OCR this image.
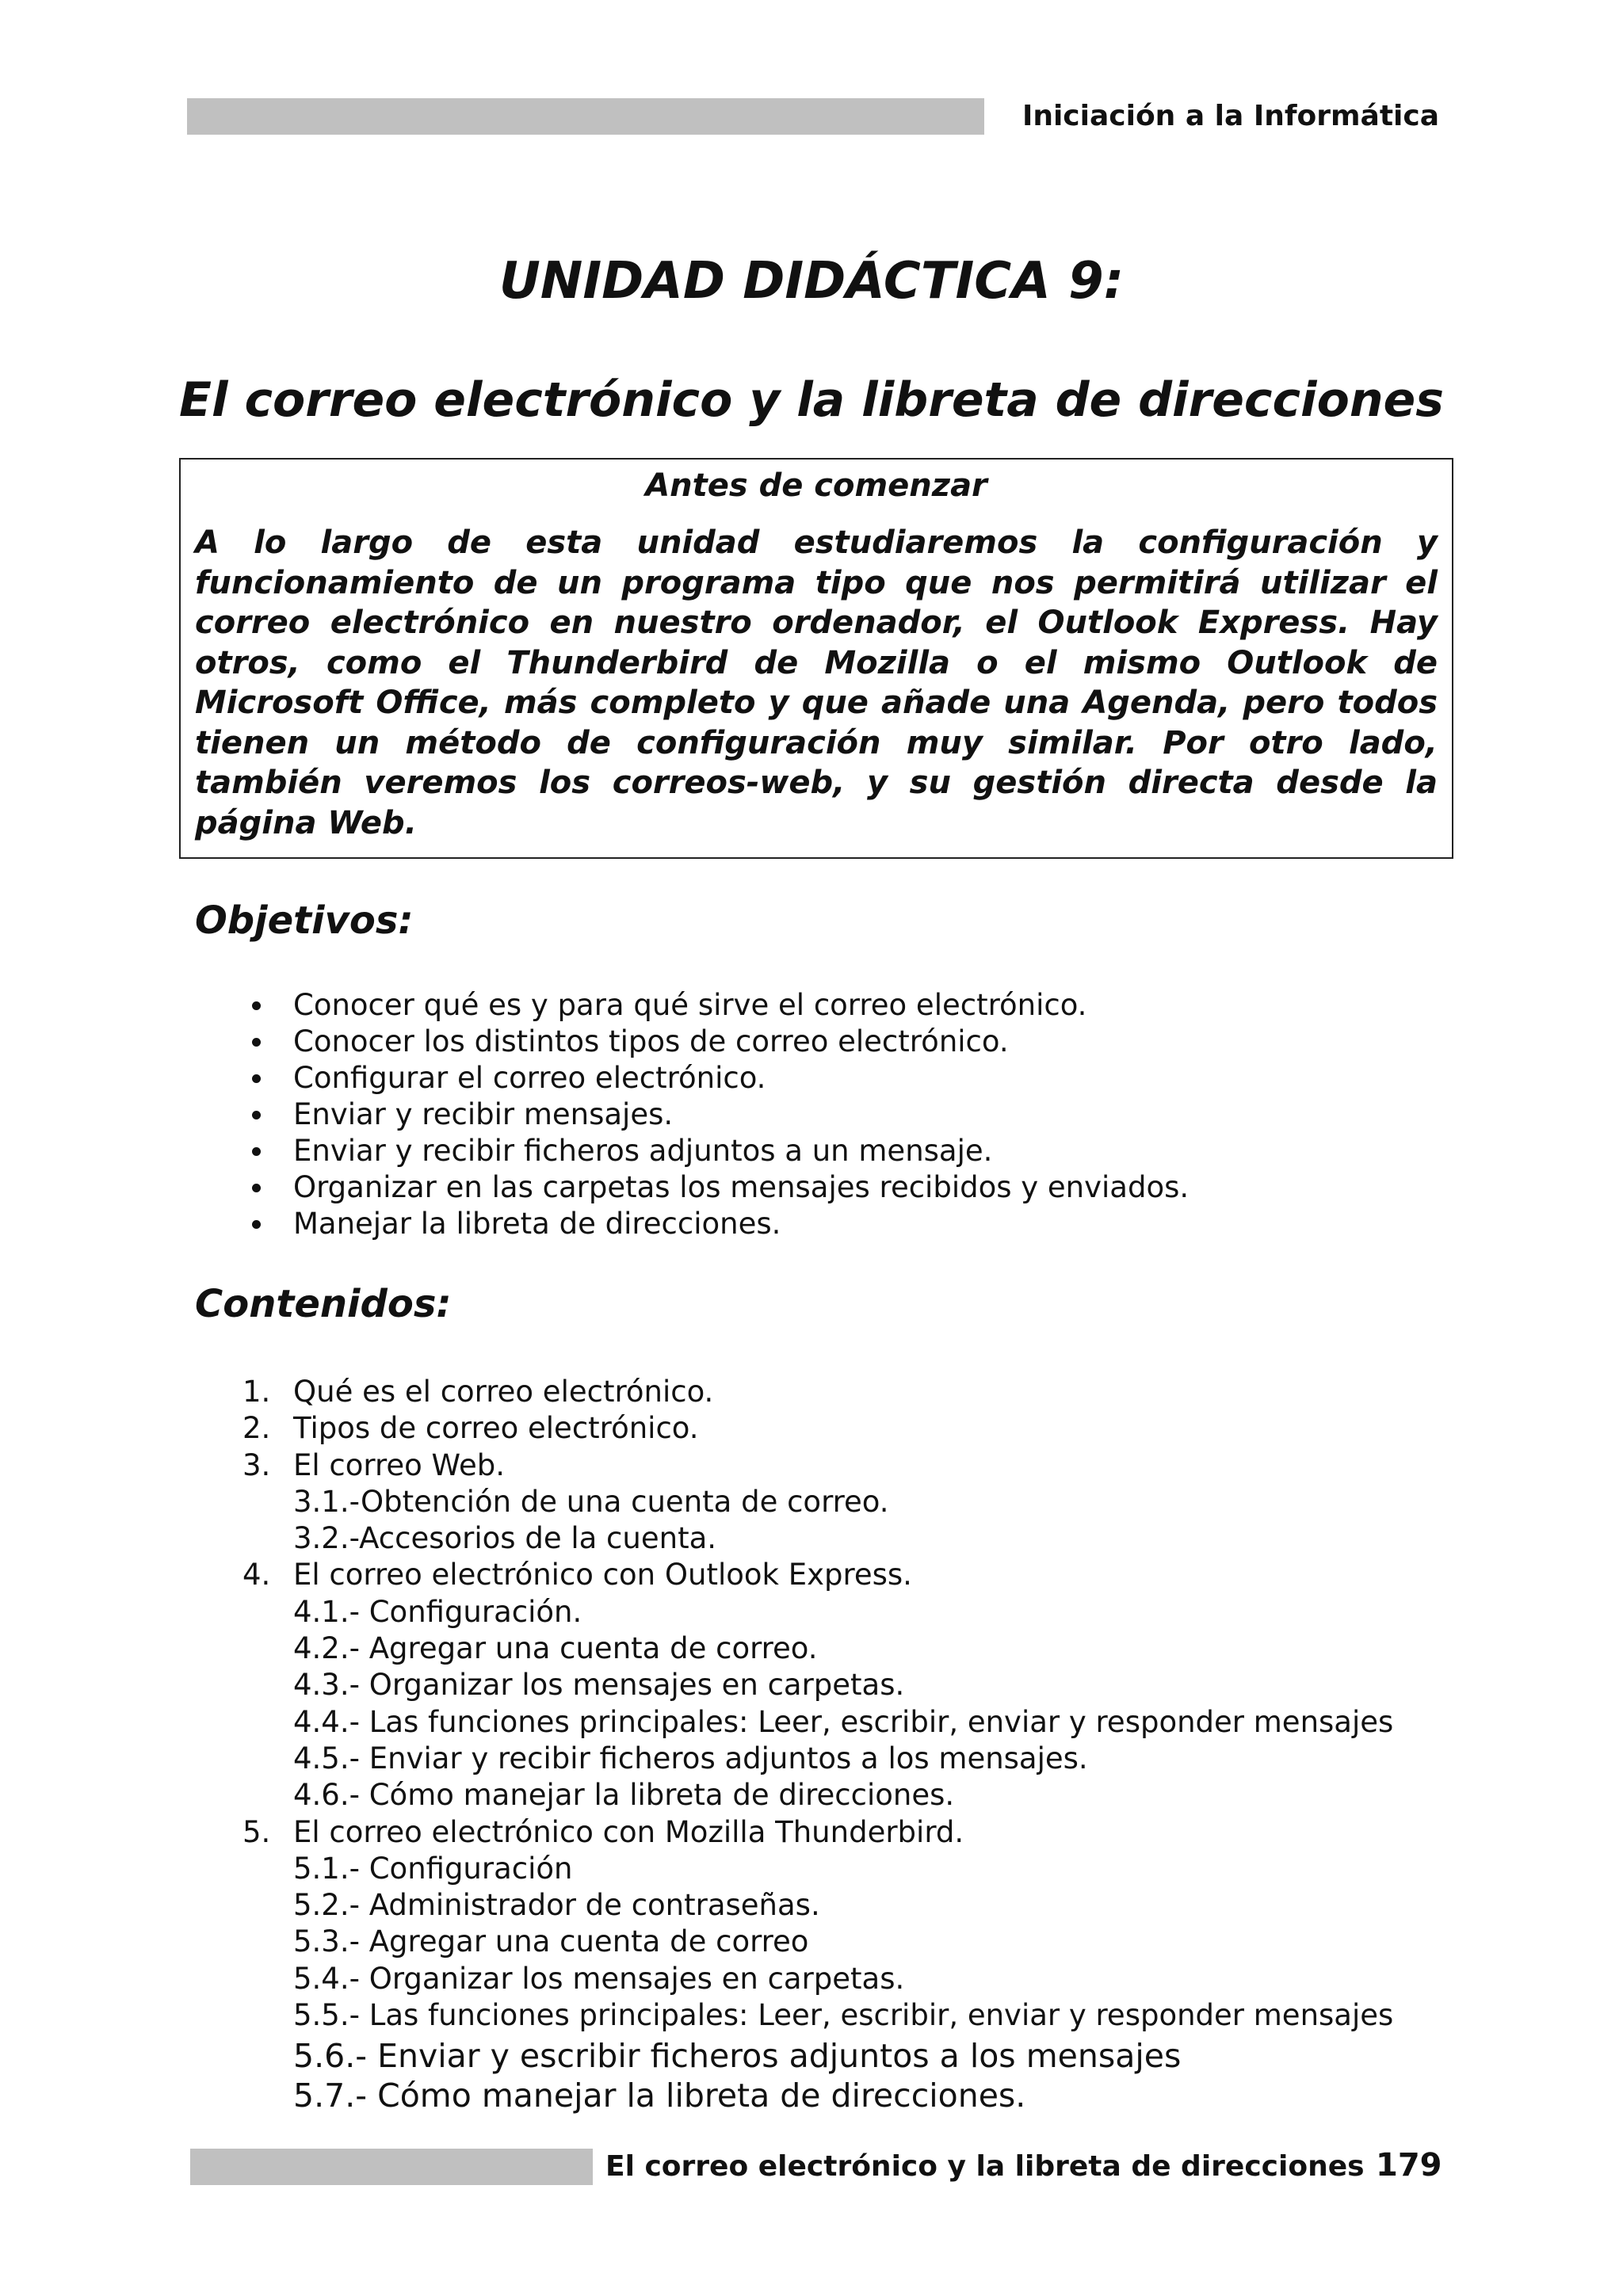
Iniciación a la Informática
UNIDAD DIDÁCTICA 9:
El correo electrónico y la libreta de direcciones
Antes de comenzar
A lo largo de esta unidad estudiaremos la configuración y funcionamiento de un programa tipo que nos permitirá utilizar el correo electrónico en nuestro ordenador, el Outlook Express. Hay otros, como el Thunderbird de Mozilla o el mismo Outlook de Microsoft Office, más completo y que añade una Agenda, pero todos tienen un método de configuración muy similar. Por otro lado, también veremos los correos-web, y su gestión directa desde la página Web.
Objetivos:
Conocer qué es y para qué sirve el correo electrónico.
Conocer los distintos tipos de correo electrónico.
Configurar el correo electrónico.
Enviar y recibir mensajes.
Enviar y recibir ficheros adjuntos a un mensaje.
Organizar en las carpetas los mensajes recibidos y enviados.
Manejar la libreta de direcciones.
Contenidos:
1. Qué es el correo electrónico.
2. Tipos de correo electrónico.
3. El correo Web.
3.1.-Obtención de una cuenta de correo.
3.2.-Accesorios de la cuenta.
4. El correo electrónico con Outlook Express.
4.1.- Configuración.
4.2.- Agregar una cuenta de correo.
4.3.- Organizar los mensajes en carpetas.
4.4.- Las funciones principales: Leer, escribir, enviar y responder mensajes
4.5.- Enviar y recibir ficheros adjuntos a los mensajes.
4.6.- Cómo manejar la libreta de direcciones.
5. El correo electrónico con Mozilla Thunderbird.
5.1.- Configuración
5.2.- Administrador de contraseñas.
5.3.- Agregar una cuenta de correo
5.4.- Organizar los mensajes en carpetas.
5.5.- Las funciones principales: Leer, escribir, enviar y responder mensajes
5.6.- Enviar y escribir ficheros adjuntos a los mensajes
5.7.- Cómo manejar la libreta de direcciones.
El correo electrónico y la libreta de direcciones 179
